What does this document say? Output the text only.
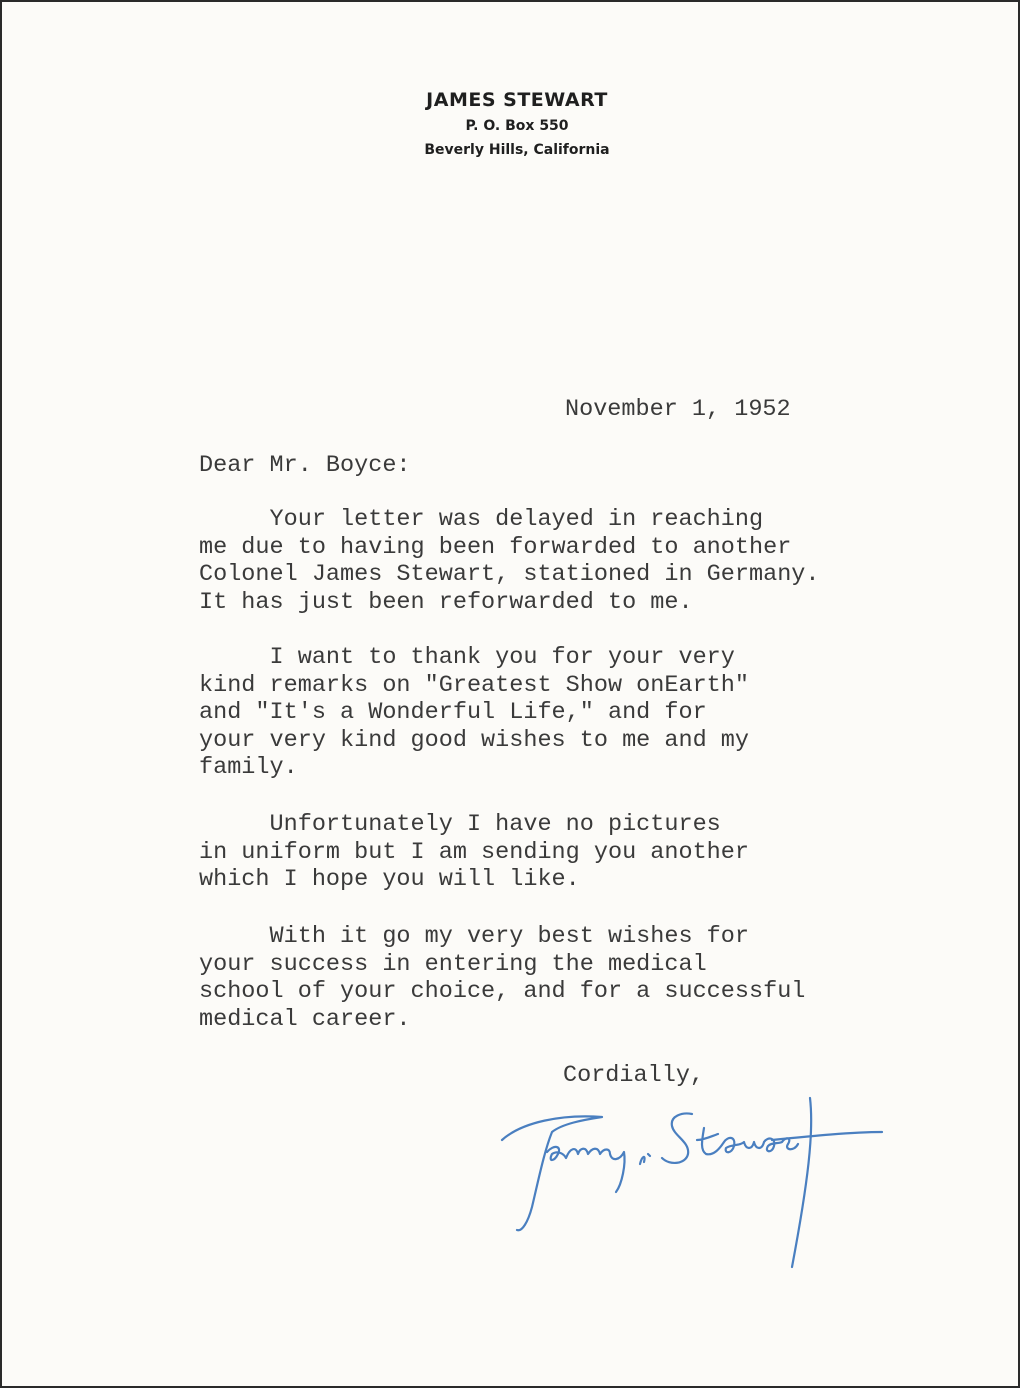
JAMES STEWART
P. O. Box 550
Beverly Hills, California
November 1, 1952
Dear Mr. Boyce:
Your letter was delayed in reaching
me due to having been forwarded to another
Colonel James Stewart, stationed in Germany.
It has just been reforwarded to me.
I want to thank you for your very
kind remarks on "Greatest Show onEarth"
and "It's a Wonderful Life," and for
your very kind good wishes to me and my
family.
Unfortunately I have no pictures
in uniform but I am sending you another
which I hope you will like.
With it go my very best wishes for
your success in entering the medical
school of your choice, and for a successful
medical career.
Cordially,
